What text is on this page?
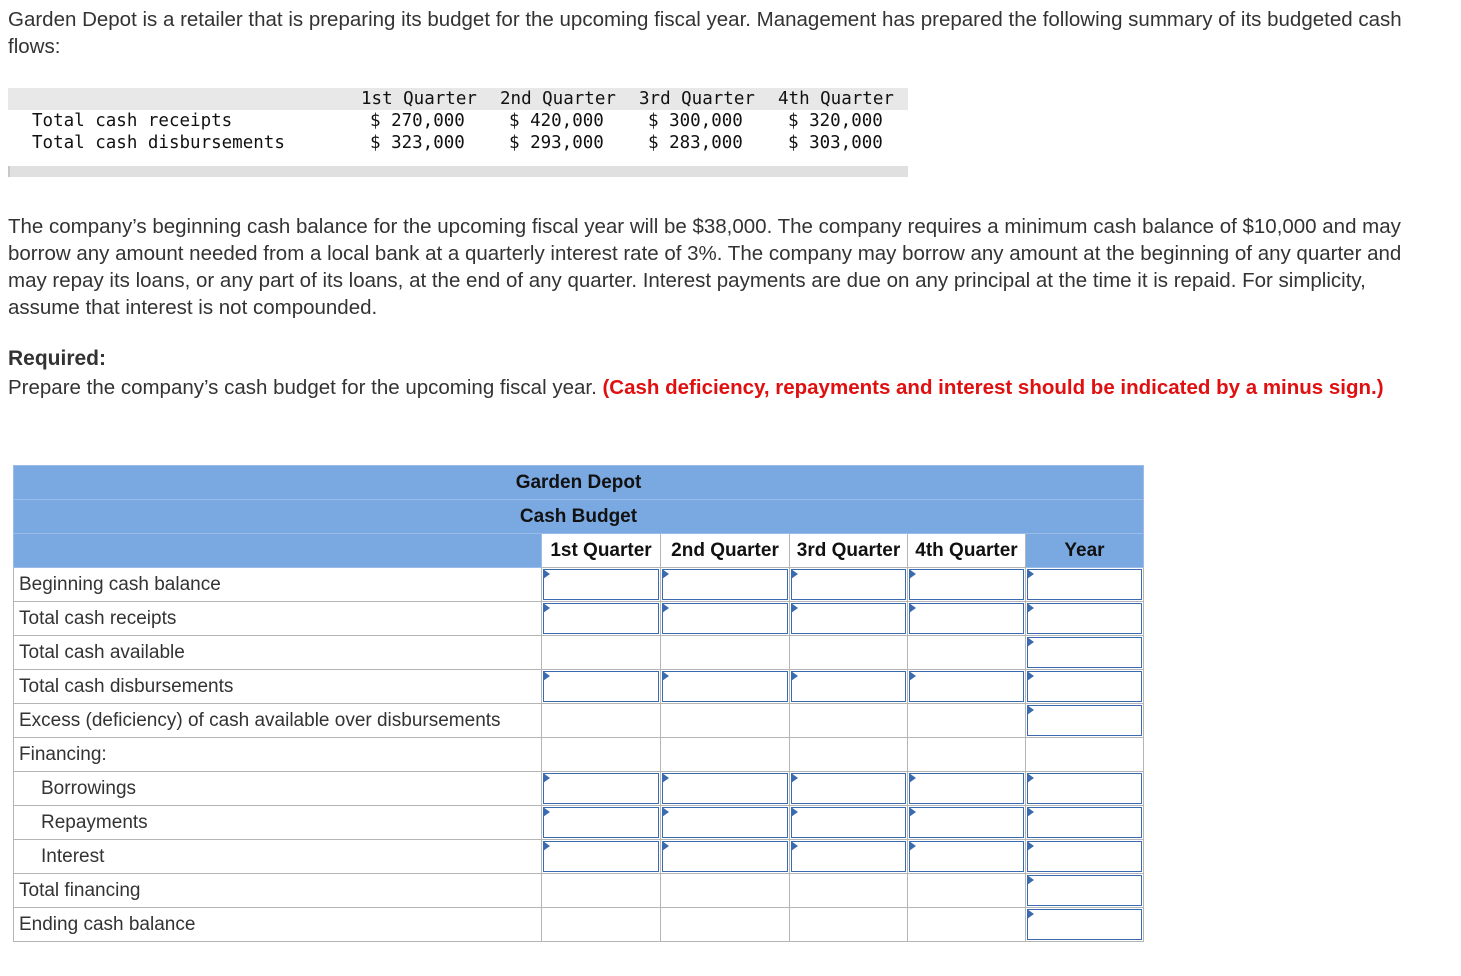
Garden Depot is a retailer that is preparing its budget for the upcoming fiscal year. Management has prepared the following summary of its budgeted cash flows:

1st Quarter 2nd Quarter 3rd Quarter 4th Quarter
Total cash receipts	$ 270,000	$ 420,000	$ 300,000	$ 320,000
Total cash disbursements	$ 323,000	$ 293,000	$ 283,000	$ 303,000

The company’s beginning cash balance for the upcoming fiscal year will be $38,000. The company requires a minimum cash balance of $10,000 and may borrow any amount needed from a local bank at a quarterly interest rate of 3%. The company may borrow any amount at the beginning of any quarter and may repay its loans, or any part of its loans, at the end of any quarter. Interest payments are due on any principal at the time it is repaid. For simplicity, assume that interest is not compounded.

Required:
Prepare the company’s cash budget for the upcoming fiscal year. (Cash deficiency, repayments and interest should be indicated by a minus sign.)
Garden Depot					
Cash Budget					
	1st Quarter	2nd Quarter	3rd Quarter	4th Quarter	Year
Beginning cash balance	

Total cash receipts	

Total cash available					

Total cash disbursements	

Excess (deficiency) of cash available over disbursements					

Financing:					
Borrowings	

Repayments	

Interest	

Total financing					

Ending cash balance					
